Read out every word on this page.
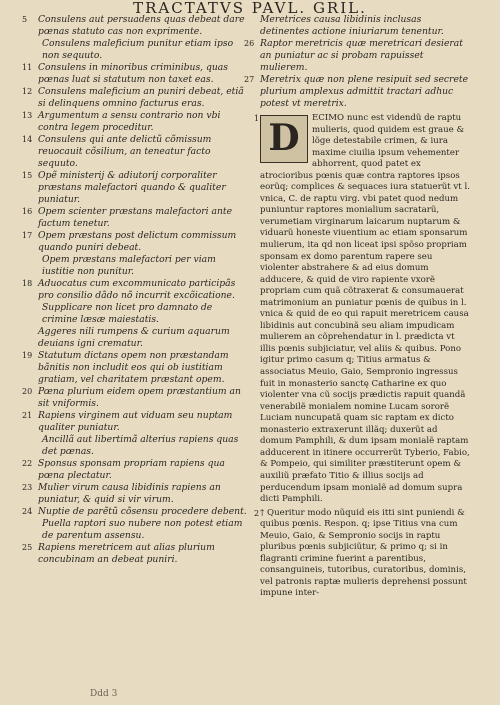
TRACTATVS PAVL. GRIL.

5 Consulens aut persuadens quas debeat dare pœnas statuto cas non exprimente.
Consulens maleficium punitur etiam ipso non sequuto.

11 Consulens in minoribus criminibus, quas pœnas luat si statutum non taxet eas.

12 Consulens maleficium an puniri debeat, etiã si delinquens omnino facturus eras.

13 Argumentum a sensu contrario non vbi contra legem proceditur.

14 Consulens qui ante delictũ cõmissum reuocauit cõsilium, an teneatur facto sequuto.

15 Opẽ ministerij & adiutorij corporaliter præstans malefactori quando & qualiter puniatur.

16 Opem scienter præstans malefactori ante factum tenetur.

17 Opem præstans post delictum commissum quando puniri debeat.
Opem præstans malefactori per viam iustitie non punitur.

18 Aduocatus cum excommunicato participãs pro consilio dãdo nõ incurrit excõicatione.
Supplicare non licet pro damnato de crimine læsæ maiestatis.

Aggeres nili rumpens & curium aquarum deuians igni crematur.

19 Statutum dictans opem non præstandam bãnitis non includit eos qui ob iustitiam gratiam, vel charitatem præstant opem.

20 Pœna plurium eidem opem præstantium an sit vniformis.

21 Rapiens virginem aut viduam seu nuptam qualiter puniatur.
Ancillã aut libertimã alterius rapiens quas det pœnas.

22 Sponsus sponsam propriam rapiens qua pœna plectatur.

23 Mulier virum causa libidinis rapiens an puniatur, & quid si vir virum.

24 Nuptie de parẽtũ cõsensu procedere debent.
Puella raptori suo nubere non potest etiam de parentum assensu.

25 Rapiens meretricem aut alias plurium concubinam an debeat puniri.

Meretrices causa libidinis inclusas detinentes actione iniuriarum tenentur.

26 Raptor meretricis quæ meretricari desierat an puniatur ac si probam rapuisset mulierem.

27 Meretrix quæ non plene resipuit sed secrete plurium amplexus admittit tractari adhuc potest vt meretrix.

1 D	ECIMO nunc est videndũ de raptu mulieris, quod quidem est graue & lõge detestabile crimen, & iura maxime ciuilia ipsum vehementer abhorrent, quod patet ex atrocioribus pœnis quæ contra raptores ipsos eorũq; complices & sequaces iura statuerũt vt l. vnica, C. de raptu virg. vbi patet quod nedum puniuntur raptores monialium sacratarũ, verumetiam virginarum laicarum nuptarum & viduarũ honeste viuentium ac etiam sponsarum mulierum, ita qd non liceat ipsi spõso propriam sponsam ex domo parentum rapere seu violenter abstrahere & ad eius domum adducere, & quid de viro rapiente vxorẽ propriam cum quã cõtraxerat & consumauerat matrimonium an puniatur pœnis de quibus in l. vnica & quid de eo qui rapuit meretricem causa libidinis aut concubinã seu aliam impudicam mulierem an cõprehendatur in l. prædicta vt illis pœnis subjiciatur, vel aliis & quibus. Pono igitur primo casum q; Titius armatus & associatus Meuio, Gaio, Sempronio ingressus fuit in monasterio sanctę Catharine ex quo violenter vna cũ socijs prædictis rapuit quandã venerabilẽ monialem nomine Lucam sororẽ Luciam nuncupatã quam sic raptam ex dicto monasterio extraxerunt illãq; duxerũt ad domum Pamphili, & dum ipsam monialẽ raptam adducerent in itinere occurrerũt Tyberio, Fabio, & Pompeio, qui similiter præstiterunt opem & auxiliũ præfato Titio & illius socijs ad perducendum ipsam monialẽ ad domum supra dicti Pamphili.

2 † Queritur modo nũquid eis itti sint puniendi & quibus pœnis. Respon. q; ipse Titius vna cum Meuio, Gaio, & Sempronio socijs in raptu pluribus pœnis subjiciũtur, & primo q; si in flagranti crimine fuerint a parentibus, consanguineis, tutoribus, curatoribus, dominis, vel patronis raptæ mulieris deprehensi possunt impune inter-

Ddd 3
